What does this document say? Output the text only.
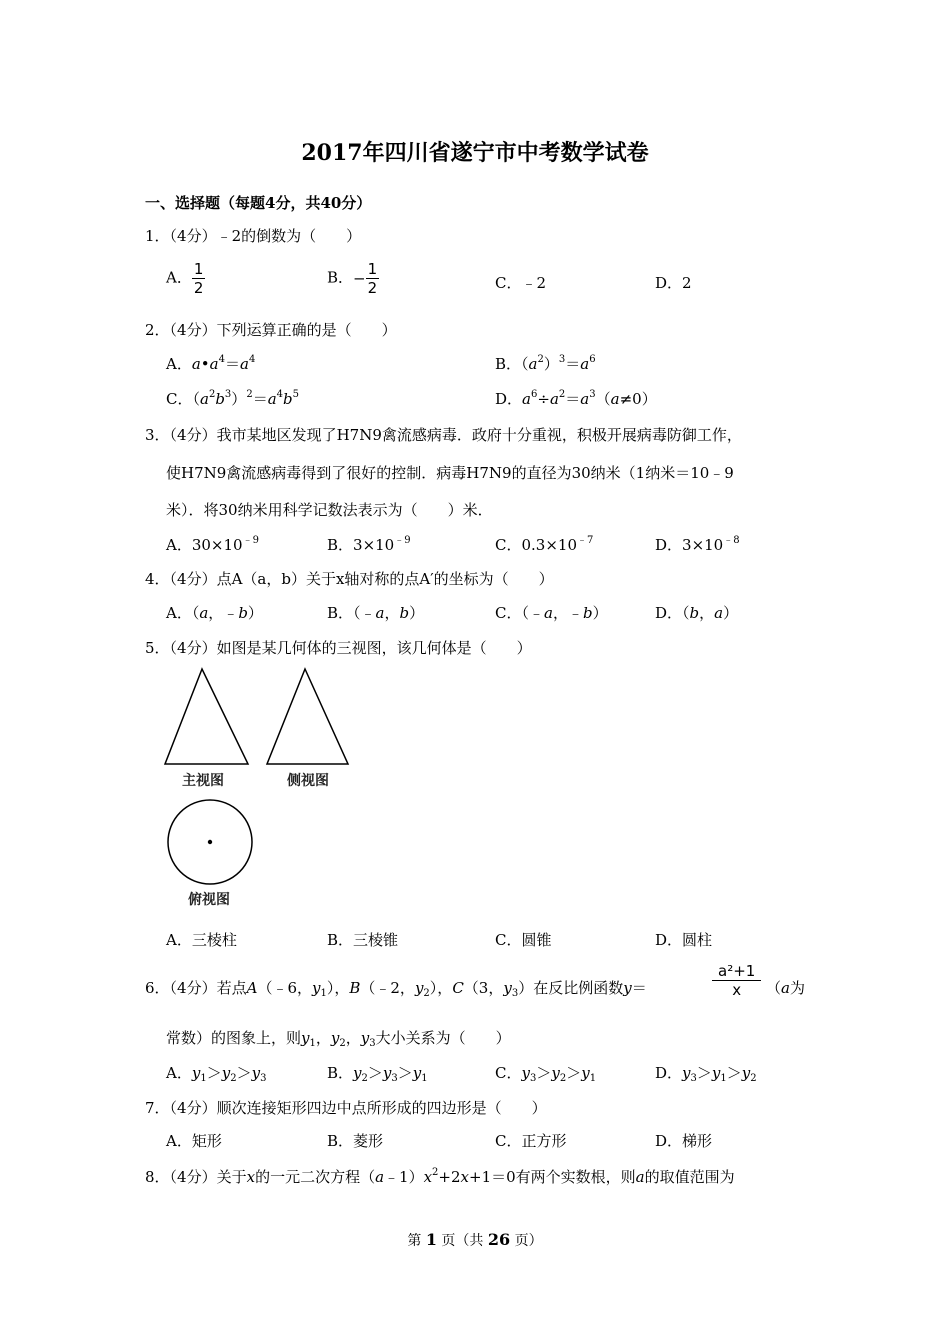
2017年四川省遂宁市中考数学试卷
一、选择题（每题4分，共40分）
1．（4分）﹣2的倒数为（　　）
A． $\frac{1}{2}$	B．− $\frac{1}{2}$	C．﹣2	D．2
2．（4分）下列运算正确的是（　　）
A．$a•a^4=a^4$	B．$(a^2)^3=a^6$
C．$(a^2b^3)^2=a^4b^5$	D．$a^6\div a^2=a^3(a\ne 0)$
3．（4分）我市某地区发现了H7N9禽流感病毒．政府十分重视，积极开展病毒防御工作，
使H7N9禽流感病毒得到了很好的控制．病毒H7N9的直径为30纳米（1纳米＝10﹣9
米）．将30纳米用科学记数法表示为（　　）米．
A．$30\times 10^{﹣9}$	B．$3\times 10^{﹣9}$	C．$0.3\times 10^{﹣7}$	D．$3\times 10^{﹣8}$
4．（4分）点A（a，b）关于x轴对称的点A′的坐标为（　　）
A．（a，﹣b）	B．（﹣a，b）	C．（﹣a，﹣b）	D．（b，a）
5．（4分）如图是某几何体的三视图，该几何体是（　　）
主视图	侧视图
俯视图
A．三棱柱	B．三棱锥	C．圆锥	D．圆柱
6．（4分）若点A（﹣6，$y_1$），B（﹣2，$y_2$），C（3，$y_3$）在反比例函数y＝	$\frac{\text{a²+1}}{x} (a$为
常数）的图象上，则$y_1$，$y_2$，$y_3$大小关系为（　　）
A．$y_1>y_2>y_3$	B．$y_2>y_3>y_1$	C．$y_3>y_2>y_1$	D．$y_3>y_1>y_2$
7．（4分）顺次连接矩形四边中点所形成的四边形是（　　）
A．矩形	B．菱形	C．正方形	D．梯形
8．（4分）关于x的一元二次方程$(a﹣1)x^2+2x+1=0$有两个实数根，则a的取值范围为
第 1 页（共 26 页）
